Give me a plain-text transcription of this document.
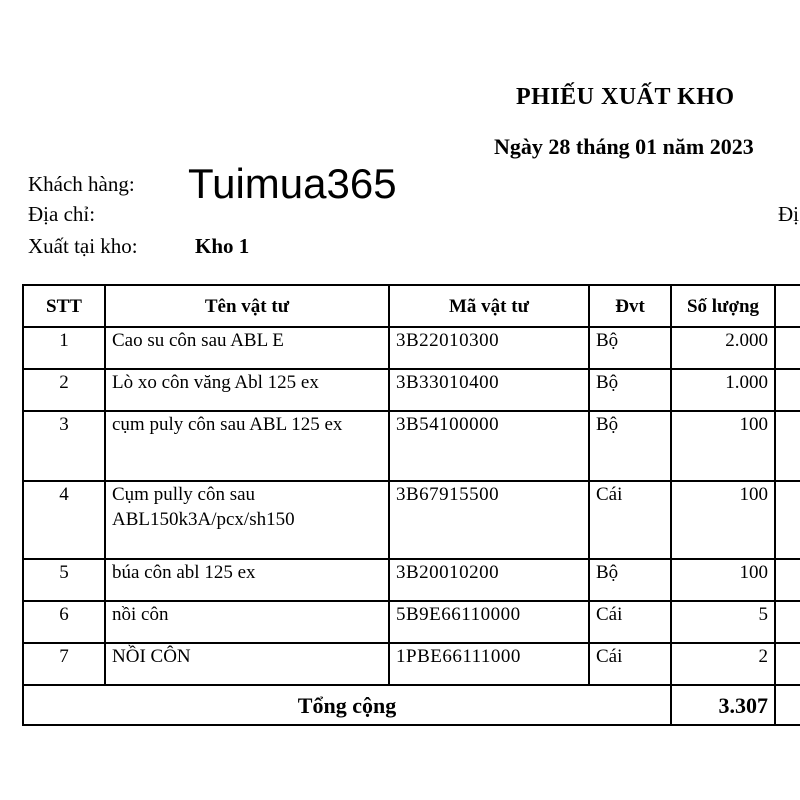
PHIẾU XUẤT KHO
Ngày 28 tháng 01 năm 2023
Khách hàng: Tuimua365
Địa chỉ:	Đị
Xuất tại kho:	Kho 1
STT	Tên vật tư	Mã vật tư	Đvt	Số lượng	
1	Cao su côn sau ABL E	3B22010300	Bộ	2.000	
2	Lò xo côn văng Abl 125 ex	3B33010400	Bộ	1.000	
3	cụm puly côn sau ABL 125 ex	3B54100000	Bộ	100	
4	Cụm pully côn sau ABL150k3A/pcx/sh150	3B67915500	Cái	100	
5	búa côn abl 125 ex	3B20010200	Bộ	100	
6	nồi côn	5B9E66110000	Cái	5	
7	NỒI CÔN	1PBE66111000	Cái	2	
Tổng cộng				3.307	
